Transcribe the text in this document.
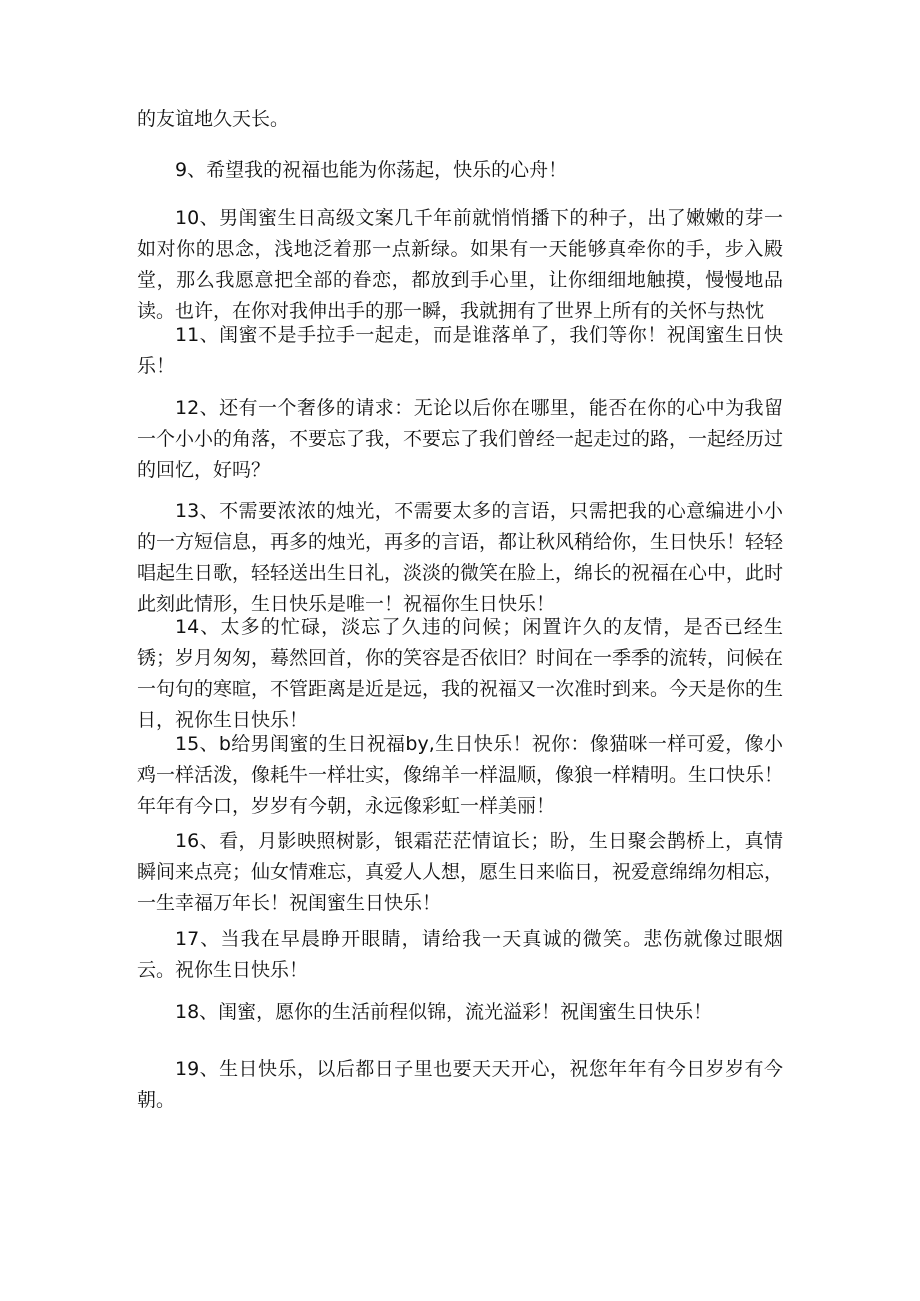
的友谊地久天长。

9、希望我的祝福也能为你荡起，快乐的心舟！

10、男闺蜜生日高级文案几千年前就悄悄播下的种子，出了嫩嫩的芽一如对你的思念，浅地泛着那一点新绿。如果有一天能够真牵你的手，步入殿堂，那么我愿意把全部的眷恋，都放到手心里，让你细细地触摸，慢慢地品读。也许，在你对我伸出手的那一瞬，我就拥有了世界上所有的关怀与热忱

11、闺蜜不是手拉手一起走，而是谁落单了，我们等你！祝闺蜜生日快乐！

12、还有一个奢侈的请求：无论以后你在哪里，能否在你的心中为我留一个小小的角落，不要忘了我，不要忘了我们曾经一起走过的路，一起经历过的回忆，好吗？

13、不需要浓浓的烛光，不需要太多的言语，只需把我的心意编进小小的一方短信息，再多的烛光，再多的言语，都让秋风稍给你，生日快乐！轻轻唱起生日歌，轻轻送出生日礼，淡淡的微笑在脸上，绵长的祝福在心中，此时此刻此情形，生日快乐是唯一！祝福你生日快乐！

14、太多的忙碌，淡忘了久违的问候；闲置许久的友情，是否已经生锈；岁月匆匆，蓦然回首，你的笑容是否依旧？时间在一季季的流转，问候在一句句的寒暄，不管距离是近是远，我的祝福又一次准时到来。今天是你的生日，祝你生日快乐！

15、b给男闺蜜的生日祝福by,生日快乐！祝你：像猫咪一样可爱，像小鸡一样活泼，像耗牛一样壮实，像绵羊一样温顺，像狼一样精明。生口快乐！年年有今口，岁岁有今朝，永远像彩虹一样美丽！

16、看，月影映照树影，银霜茫茫情谊长；盼，生日聚会鹊桥上，真情瞬间来点亮；仙女情难忘，真爱人人想，愿生日来临日，祝爱意绵绵勿相忘，一生幸福万年长！祝闺蜜生日快乐！

17、当我在早晨睁开眼睛，请给我一天真诚的微笑。悲伤就像过眼烟云。祝你生日快乐！

18、闺蜜，愿你的生活前程似锦，流光溢彩！祝闺蜜生日快乐！

19、生日快乐，以后都日子里也要天天开心，祝您年年有今日岁岁有今朝。
